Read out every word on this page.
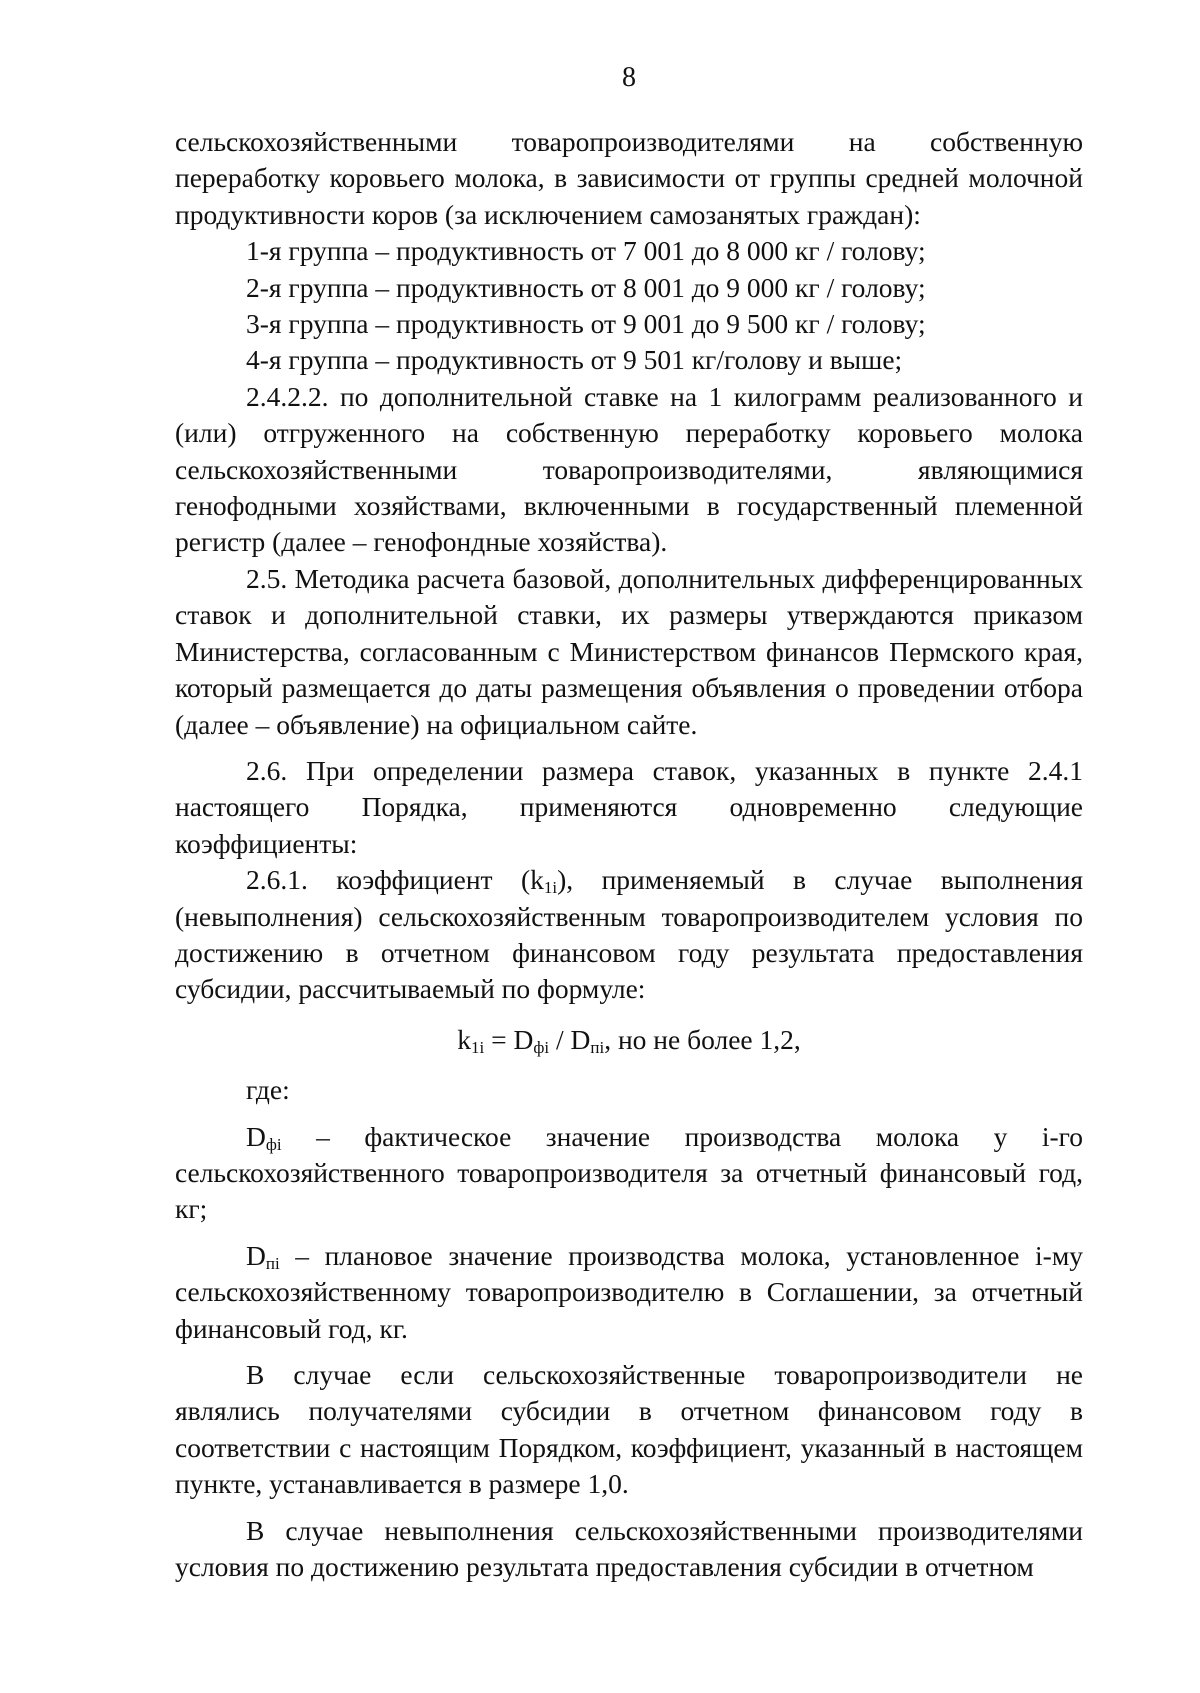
8

сельскохозяйственными товаропроизводителями на собственную переработку коровьего молока, в зависимости от группы средней молочной продуктивности коров (за исключением самозанятых граждан):

1-я группа – продуктивность от 7 001 до 8 000 кг / голову;

2-я группа – продуктивность от 8 001 до 9 000 кг / голову;

3-я группа – продуктивность от 9 001 до 9 500 кг / голову;

4-я группа – продуктивность от 9 501 кг/голову и выше;

2.4.2.2. по дополнительной ставке на 1 килограмм реализованного и (или) отгруженного на собственную переработку коровьего молока сельскохозяйственными товаропроизводителями, являющимися генофодными хозяйствами, включенными в государственный племенной регистр (далее – генофондные хозяйства).

2.5. Методика расчета базовой, дополнительных дифференцированных ставок и дополнительной ставки, их размеры утверждаются приказом Министерства, согласованным с Министерством финансов Пермского края, который размещается до даты размещения объявления о проведении отбора (далее – объявление) на официальном сайте.

2.6. При определении размера ставок, указанных в пункте 2.4.1 настоящего Порядка, применяются одновременно следующие коэффициенты:

2.6.1. коэффициент $(k_{1i})$, применяемый в случае выполнения (невыполнения) сельскохозяйственным товаропроизводителем условия по достижению в отчетном финансовом году результата предоставления субсидии, рассчитываемый по формуле:

$k_{1i} = D_{фi} / D_{пi}$, но не более 1,2,

где:

$D_{фi}$ – фактическое значение производства молока у i-го сельскохозяйственного товаропроизводителя за отчетный финансовый год, кг;

$D_{пi}$ – плановое значение производства молока, установленное i-му сельскохозяйственному товаропроизводителю в Соглашении, за отчетный финансовый год, кг.

В случае если сельскохозяйственные товаропроизводители не являлись получателями субсидии в отчетном финансовом году в соответствии с настоящим Порядком, коэффициент, указанный в настоящем пункте, устанавливается в размере 1,0.

В случае невыполнения сельскохозяйственными производителями условия по достижению результата предоставления субсидии в отчетном
